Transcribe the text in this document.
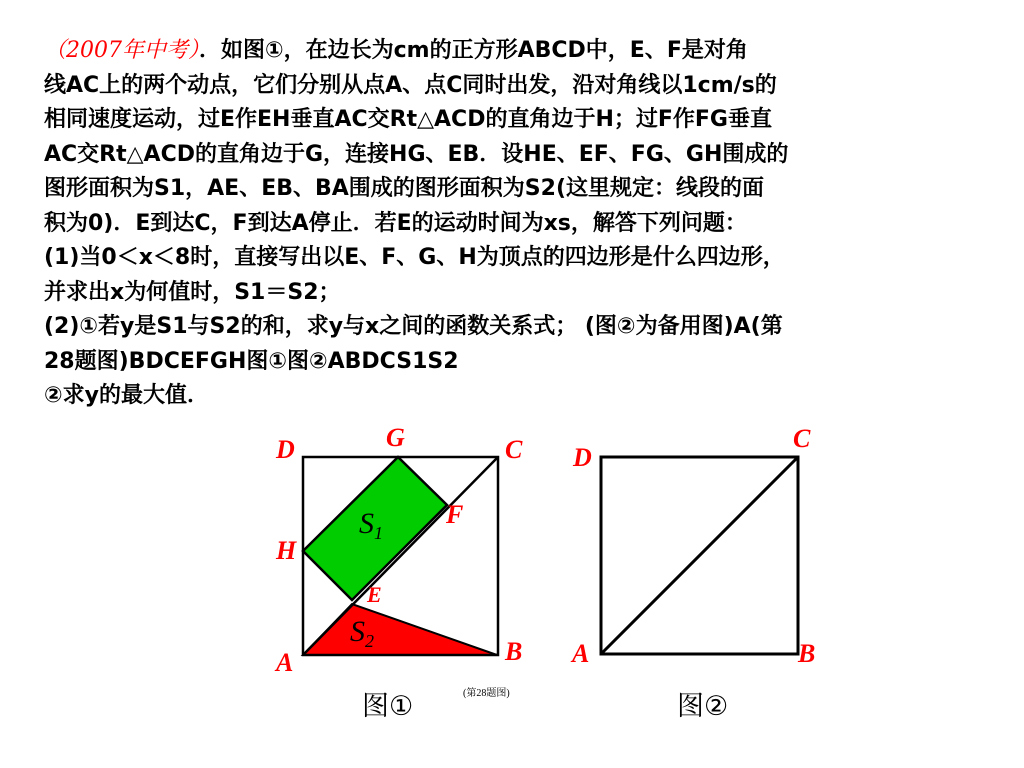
（2007年中考）．如图①，在边长为cm的正方形ABCD中，E、F是对角
线AC上的两个动点，它们分别从点A、点C同时出发，沿对角线以1cm/s的
相同速度运动，过E作EH垂直AC交Rt△ACD的直角边于H；过F作FG垂直
AC交Rt△ACD的直角边于G，连接HG、EB．设HE、EF、FG、GH围成的
图形面积为S1，AE、EB、BA围成的图形面积为S2(这里规定：线段的面
积为0)．E到达C，F到达A停止．若E的运动时间为xs，解答下列问题：
(1)当0＜x＜8时，直接写出以E、F、G、H为顶点的四边形是什么四边形，
并求出x为何值时，S1＝S2；
(2)①若y是S1与S2的和，求y与x之间的函数关系式； (图②为备用图)A(第
28题图)BDCEFGH图①图②ABDCS1S2
②求y的最大值．
D	G	C
F
H
E
A	B
$S_1$
$S_2$
D
C
A	B
图①	(第28题图)	图②
